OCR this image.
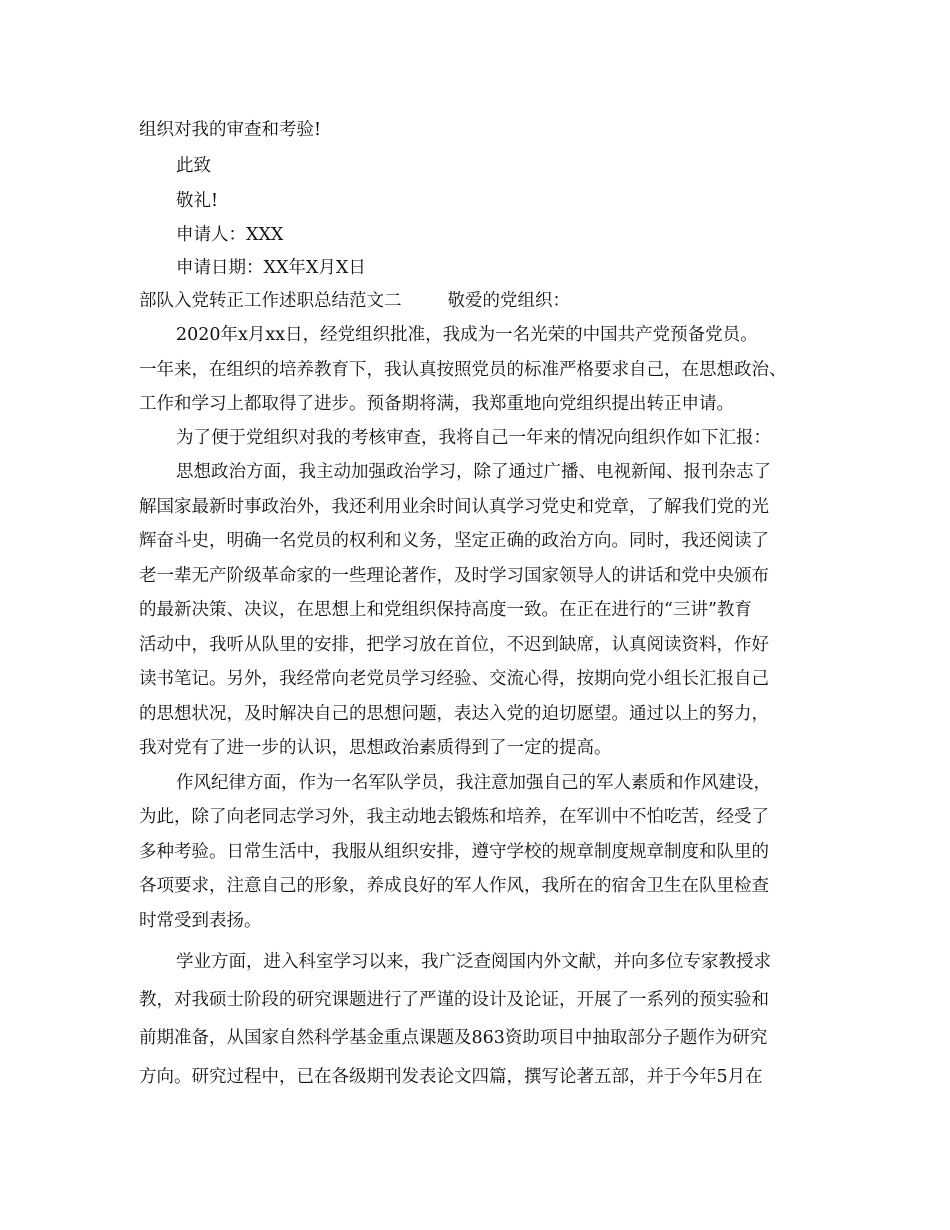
组织对我的审查和考验!

此致

敬礼!

申请人：XXX

申请日期：XX年X月X日

部队入党转正工作述职总结范文二	敬爱的党组织：

2020年x月xx日，经党组织批准，我成为一名光荣的中国共产党预备党员。

一年来，在组织的培养教育下，我认真按照党员的标准严格要求自己，在思想政治、

工作和学习上都取得了进步。预备期将满，我郑重地向党组织提出转正申请。

为了便于党组织对我的考核审查，我将自己一年来的情况向组织作如下汇报：

思想政治方面，我主动加强政治学习，除了通过广播、电视新闻、报刊杂志了

解国家最新时事政治外，我还利用业余时间认真学习党史和党章，了解我们党的光

辉奋斗史，明确一名党员的权利和义务，坚定正确的政治方向。同时，我还阅读了

老一辈无产阶级革命家的一些理论著作，及时学习国家领导人的讲话和党中央颁布

的最新决策、决议，在思想上和党组织保持高度一致。在正在进行的“三讲”教育

活动中，我听从队里的安排，把学习放在首位，不迟到缺席，认真阅读资料，作好

读书笔记。另外，我经常向老党员学习经验、交流心得，按期向党小组长汇报自己

的思想状况，及时解决自己的思想问题，表达入党的迫切愿望。通过以上的努力，

我对党有了进一步的认识，思想政治素质得到了一定的提高。

作风纪律方面，作为一名军队学员，我注意加强自己的军人素质和作风建设，

为此，除了向老同志学习外，我主动地去锻炼和培养，在军训中不怕吃苦，经受了

多种考验。日常生活中，我服从组织安排，遵守学校的规章制度规章制度和队里的

各项要求，注意自己的形象，养成良好的军人作风，我所在的宿舍卫生在队里检查

时常受到表扬。

学业方面，进入科室学习以来，我广泛查阅国内外文献，并向多位专家教授求

教，对我硕士阶段的研究课题进行了严谨的设计及论证，开展了一系列的预实验和

前期准备，从国家自然科学基金重点课题及863资助项目中抽取部分子题作为研究

方向。研究过程中，已在各级期刊发表论文四篇，撰写论著五部，并于今年5月在
